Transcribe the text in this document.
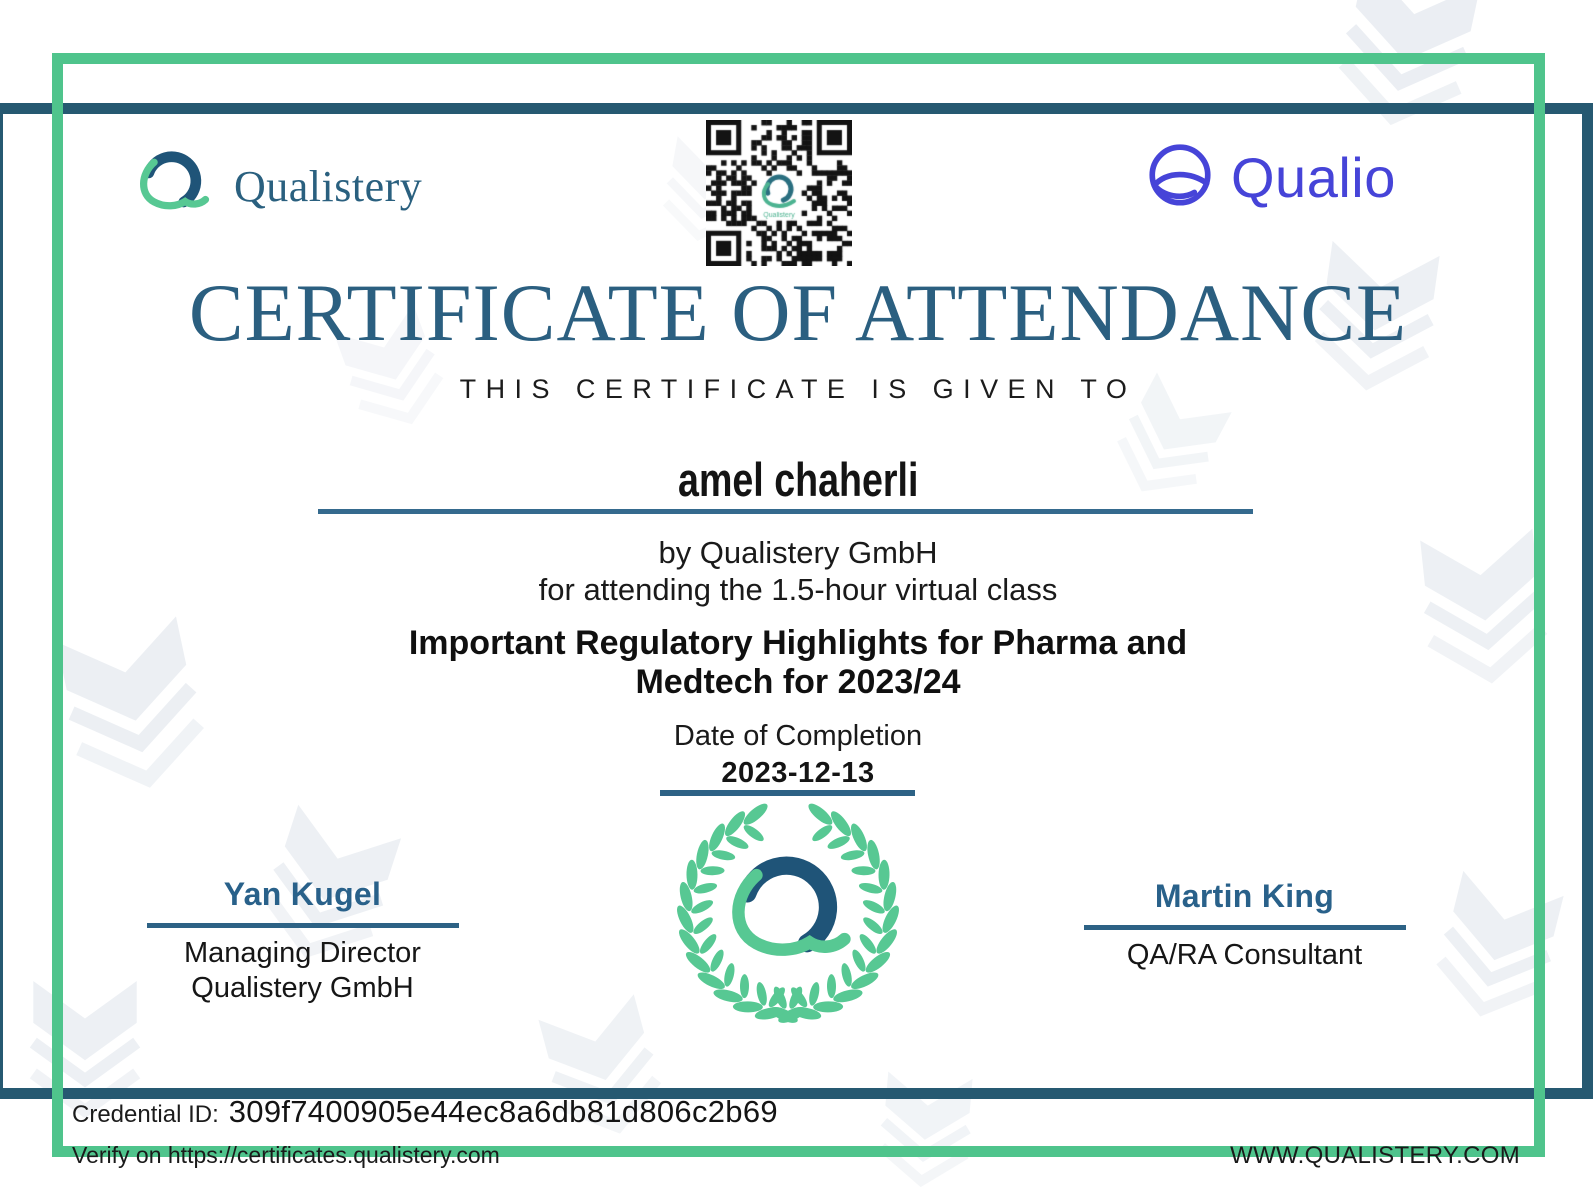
Qualistery	Qualio
CERTIFICATE OF ATTENDANCE
THIS CERTIFICATE IS GIVEN TO
amel chaherli
by Qualistery GmbH
for attending the 1.5-hour virtual class
Important Regulatory Highlights for Pharma and Medtech for 2023/24
Date of Completion
2023-12-13
Yan Kugel
Managing Director
Qualistery GmbH
Martin King
QA/RA Consultant
Credential ID: 309f7400905e44ec8a6db81d806c2b69
Verify on https://certificates.qualistery.com	WWW.QUALISTERY.COM
